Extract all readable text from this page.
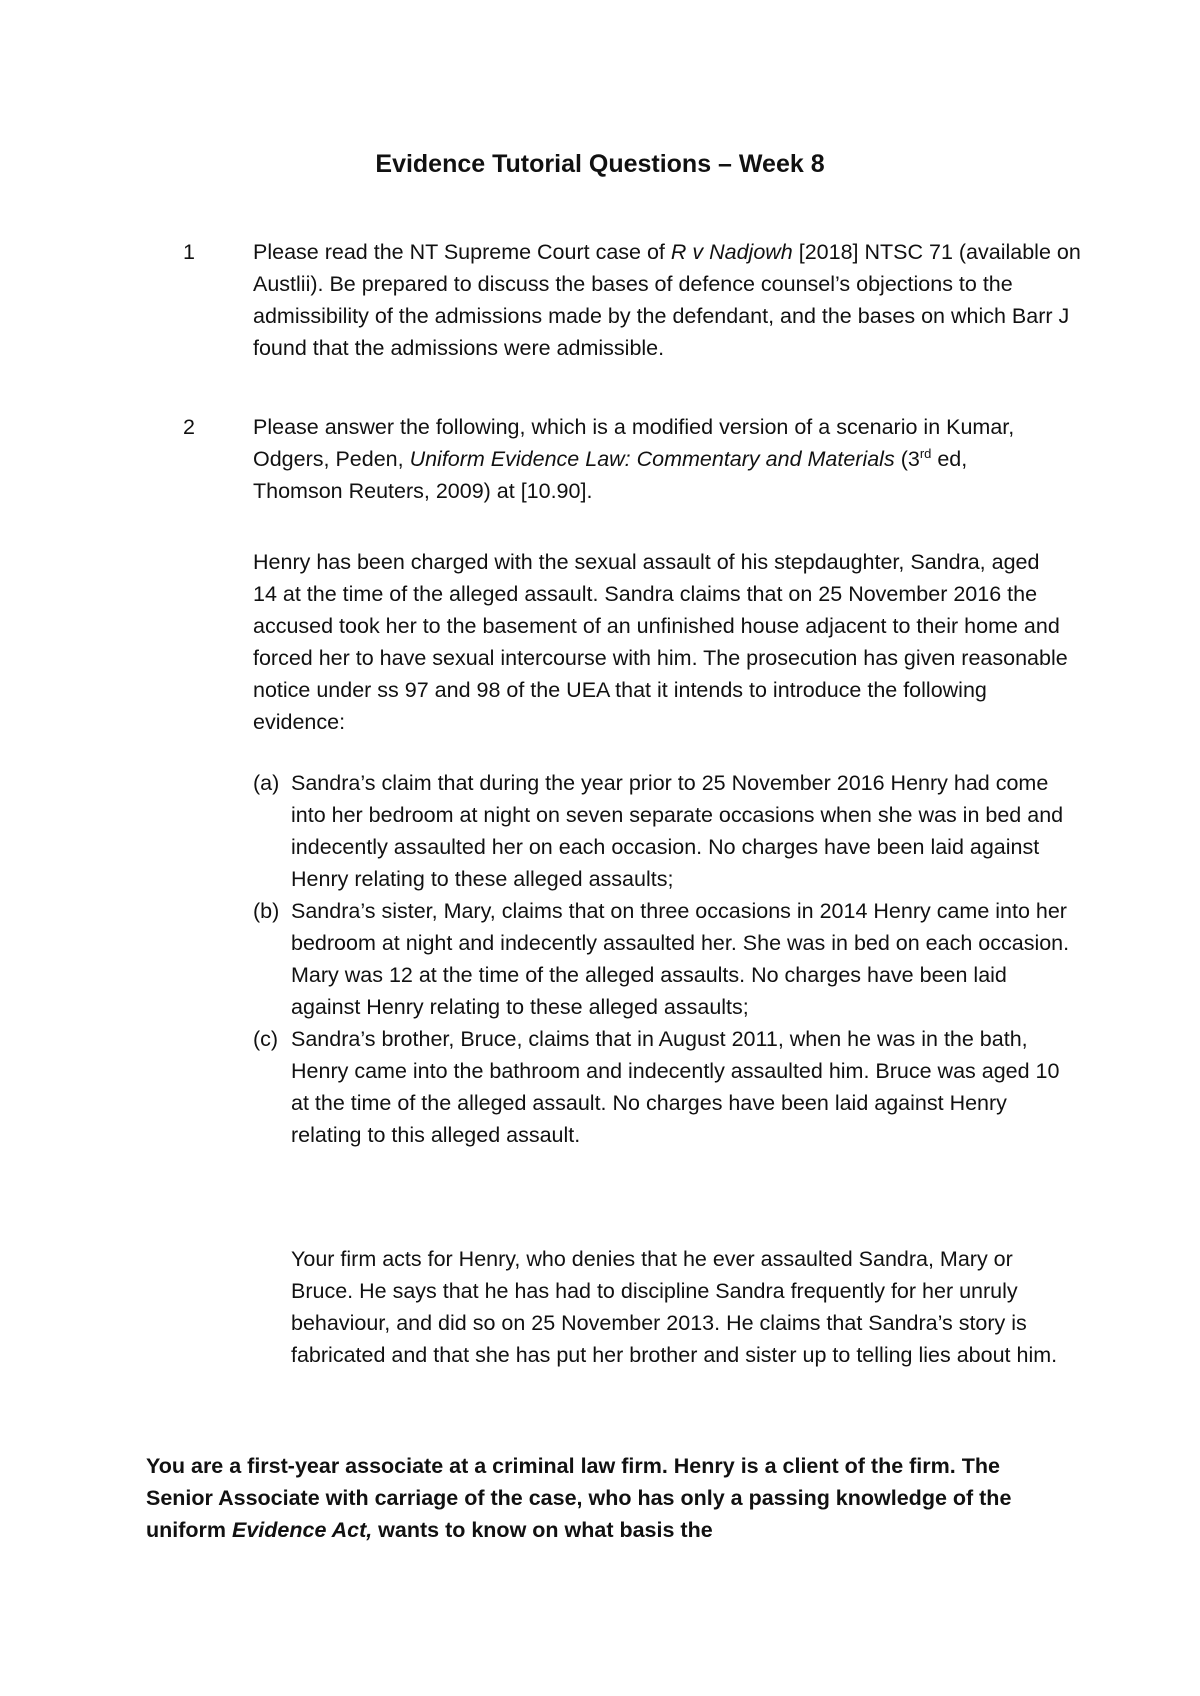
Evidence Tutorial Questions – Week 8
1	Please read the NT Supreme Court case of R v Nadjowh [2018] NTSC 71 (available on Austlii). Be prepared to discuss the bases of defence counsel’s objections to the admissibility of the admissions made by the defendant, and the bases on which Barr J found that the admissions were admissible.

2	Please answer the following, which is a modified version of a scenario in Kumar, Odgers, Peden, Uniform Evidence Law: Commentary and Materials (3rd ed, Thomson Reuters, 2009) at [10.90].

Henry has been charged with the sexual assault of his stepdaughter, Sandra, aged 14 at the time of the alleged assault. Sandra claims that on 25 November 2016 the accused took her to the basement of an unfinished house adjacent to their home and forced her to have sexual intercourse with him. The prosecution has given reasonable notice under ss 97 and 98 of the UEA that it intends to introduce the following evidence:

(a) Sandra’s claim that during the year prior to 25 November 2016 Henry had come into her bedroom at night on seven separate occasions when she was in bed and indecently assaulted her on each occasion. No charges have been laid against Henry relating to these alleged assaults;
(b) Sandra’s sister, Mary, claims that on three occasions in 2014 Henry came into her bedroom at night and indecently assaulted her. She was in bed on each occasion. Mary was 12 at the time of the alleged assaults. No charges have been laid against Henry relating to these alleged assaults;
(c) Sandra’s brother, Bruce, claims that in August 2011, when he was in the bath, Henry came into the bathroom and indecently assaulted him. Bruce was aged 10 at the time of the alleged assault. No charges have been laid against Henry relating to this alleged assault.

Your firm acts for Henry, who denies that he ever assaulted Sandra, Mary or Bruce. He says that he has had to discipline Sandra frequently for her unruly behaviour, and did so on 25 November 2013. He claims that Sandra’s story is fabricated and that she has put her brother and sister up to telling lies about him.

You are a first-year associate at a criminal law firm. Henry is a client of the firm. The Senior Associate with carriage of the case, who has only a passing knowledge of the uniform Evidence Act, wants to know on what basis the
